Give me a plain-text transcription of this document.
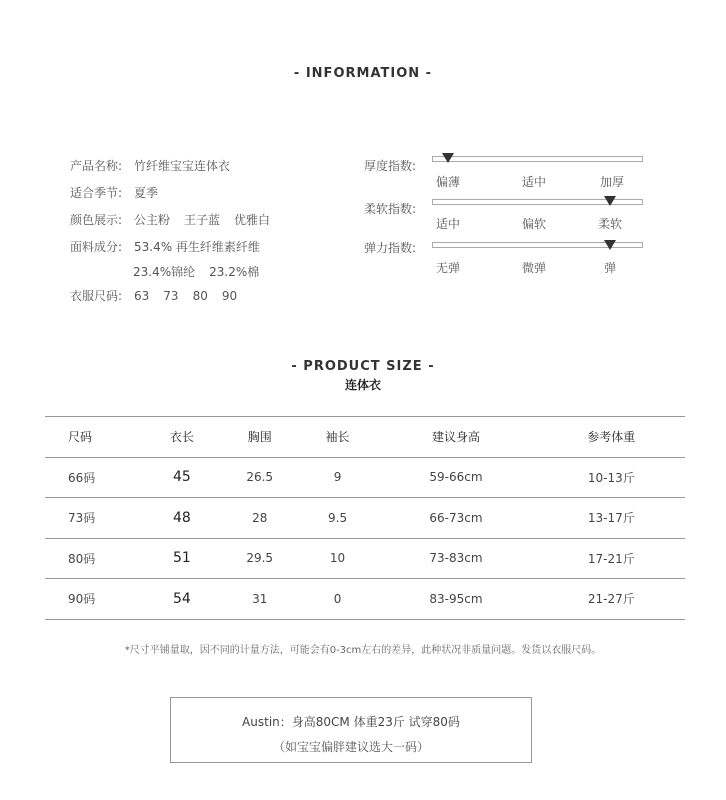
- INFORMATION -
产品名称: 竹纤维宝宝连体衣
适合季节: 夏季
颜色展示: 公主粉 王子蓝 优雅白
面料成分: 53.4% 再生纤维素纤维
23.4%锦纶 23.2%棉
衣服尺码: 63 73 80 90
厚度指数:
偏薄	适中	加厚
柔软指数:
适中	偏软	柔软
弹力指数:
无弹	微弹	弹
- PRODUCT SIZE -
连体衣
尺码	衣长	胸围	袖长	建议身高	参考体重
66码	45	26.5	9	59-66cm	10-13斤
73码	48	28	9.5	66-73cm	13-17斤
80码	51	29.5	10	73-83cm	17-21斤
90码	54	31	0	83-95cm	21-27斤
*尺寸平铺量取，因不同的计量方法，可能会有0-3cm左右的差异，此种状况非质量问题。发货以衣服尺码。
Austin：身高80CM 体重23斤 试穿80码
（如宝宝偏胖建议选大一码）
